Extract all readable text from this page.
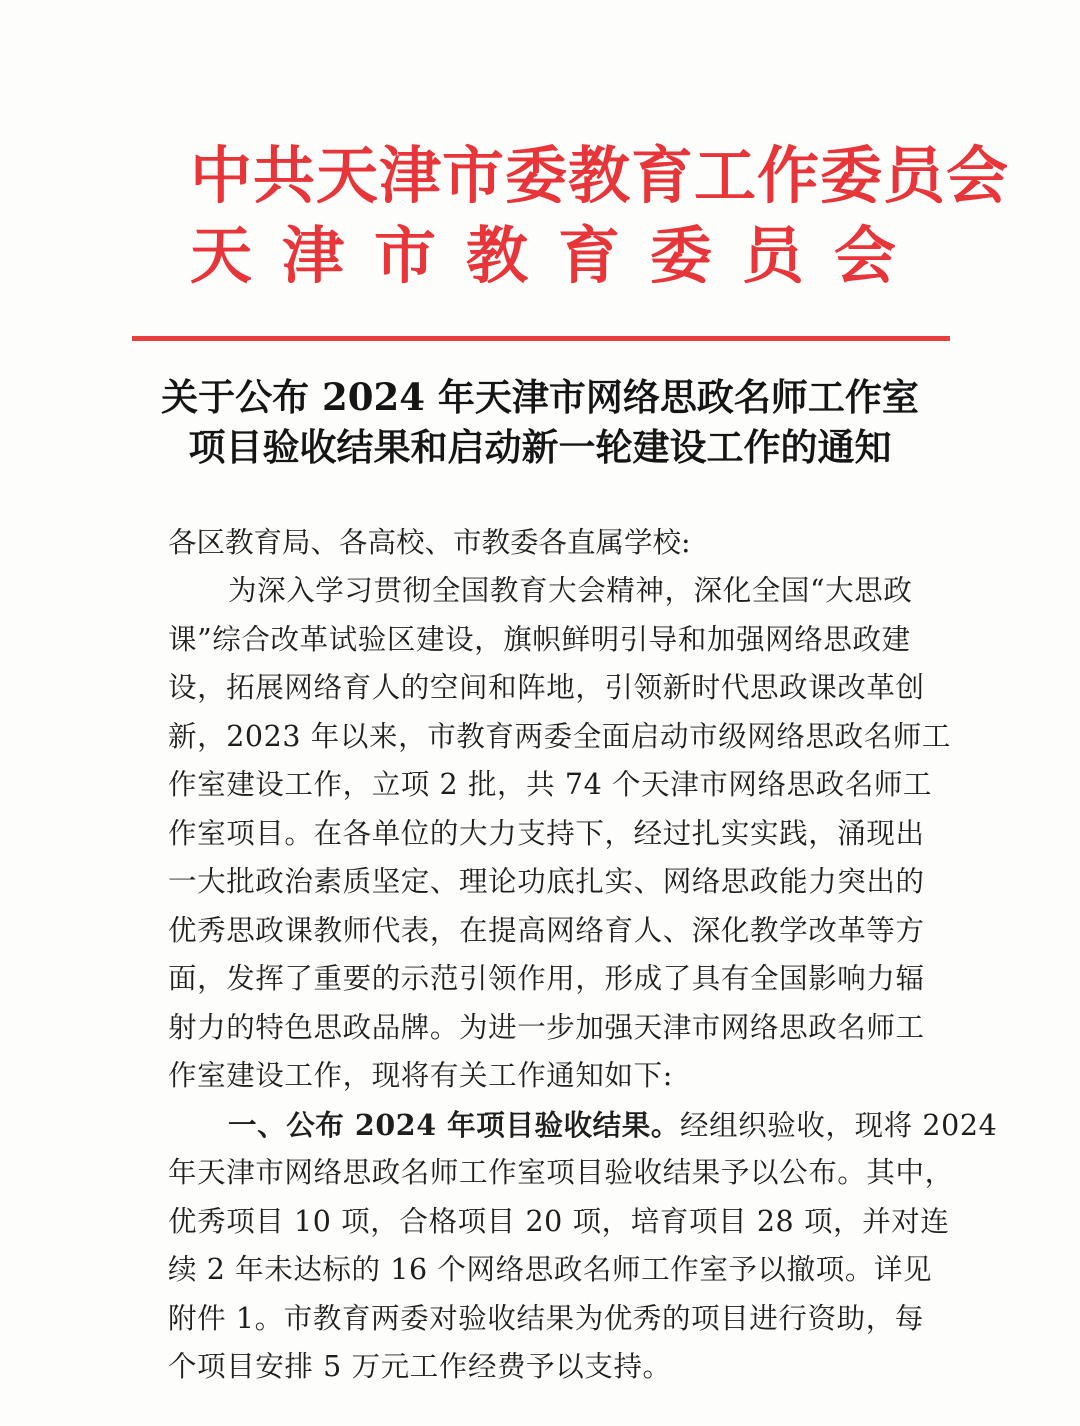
中共天津市委教育工作委员会
天 津 市 教 育 委 员 会
关于公布 2024 年天津市网络思政名师工作室
项目验收结果和启动新一轮建设工作的通知
各区教育局、各高校、市教委各直属学校:
为深入学习贯彻全国教育大会精神，深化全国“大思政
课”综合改革试验区建设，旗帜鲜明引导和加强网络思政建
设，拓展网络育人的空间和阵地，引领新时代思政课改革创
新，2023 年以来，市教育两委全面启动市级网络思政名师工
作室建设工作，立项 2 批，共 74 个天津市网络思政名师工
作室项目。在各单位的大力支持下，经过扎实实践，涌现出
一大批政治素质坚定、理论功底扎实、网络思政能力突出的
优秀思政课教师代表，在提高网络育人、深化教学改革等方
面，发挥了重要的示范引领作用，形成了具有全国影响力辐
射力的特色思政品牌。为进一步加强天津市网络思政名师工
作室建设工作，现将有关工作通知如下:
一、公布 2024 年项目验收结果。经组织验收，现将 2024
年天津市网络思政名师工作室项目验收结果予以公布。其中，
优秀项目 10 项，合格项目 20 项，培育项目 28 项，并对连
续 2 年未达标的 16 个网络思政名师工作室予以撤项。详见
附件 1。市教育两委对验收结果为优秀的项目进行资助，每
个项目安排 5 万元工作经费予以支持。
